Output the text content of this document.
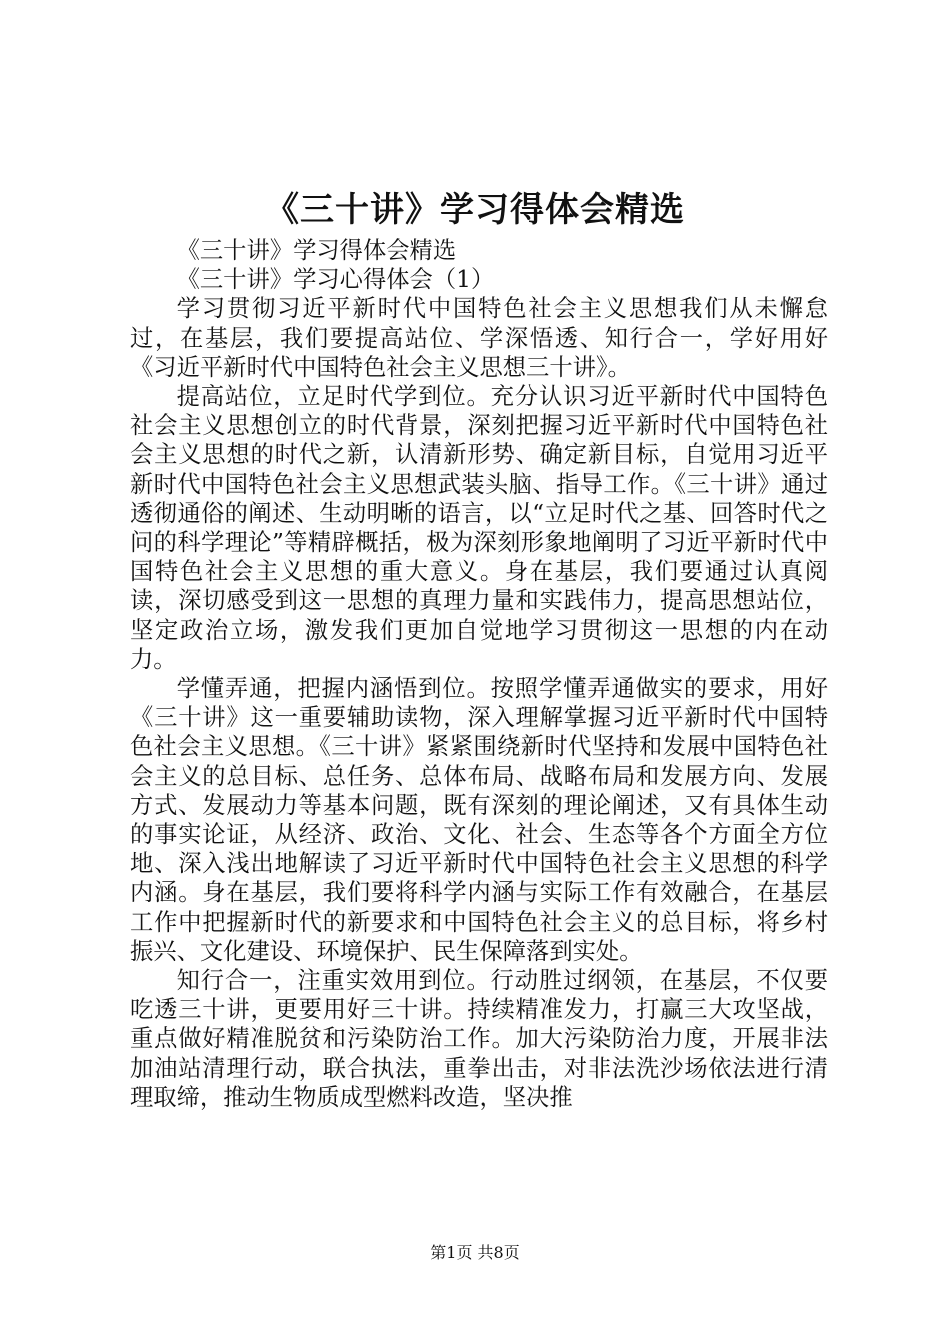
《三十讲》学习得体会精选

《三十讲》学习得体会精选

《三十讲》学习心得体会（1）

学习贯彻习近平新时代中国特色社会主义思想我们从未懈怠过，在基层，我们要提高站位、学深悟透、知行合一，学好用好《习近平新时代中国特色社会主义思想三十讲》。

提高站位，立足时代学到位。充分认识习近平新时代中国特色社会主义思想创立的时代背景，深刻把握习近平新时代中国特色社会主义思想的时代之新，认清新形势、确定新目标，自觉用习近平新时代中国特色社会主义思想武装头脑、指导工作。《三十讲》通过透彻通俗的阐述、生动明晰的语言，以“立足时代之基、回答时代之问的科学理论”等精辟概括，极为深刻形象地阐明了习近平新时代中国特色社会主义思想的重大意义。身在基层，我们要通过认真阅读，深切感受到这一思想的真理力量和实践伟力，提高思想站位，坚定政治立场，激发我们更加自觉地学习贯彻这一思想的内在动力。

学懂弄通，把握内涵悟到位。按照学懂弄通做实的要求，用好《三十讲》这一重要辅助读物，深入理解掌握习近平新时代中国特色社会主义思想。《三十讲》紧紧围绕新时代坚持和发展中国特色社会主义的总目标、总任务、总体布局、战略布局和发展方向、发展方式、发展动力等基本问题，既有深刻的理论阐述，又有具体生动的事实论证，从经济、政治、文化、社会、生态等各个方面全方位地、深入浅出地解读了习近平新时代中国特色社会主义思想的科学内涵。身在基层，我们要将科学内涵与实际工作有效融合，在基层工作中把握新时代的新要求和中国特色社会主义的总目标，将乡村振兴、文化建设、环境保护、民生保障落到实处。

知行合一，注重实效用到位。行动胜过纲领，在基层，不仅要吃透三十讲，更要用好三十讲。持续精准发力，打赢三大攻坚战，重点做好精准脱贫和污染防治工作。加大污染防治力度，开展非法加油站清理行动，联合执法，重拳出击，对非法洗沙场依法进行清理取缔，推动生物质成型燃料改造，坚决推

第1页 共8页
